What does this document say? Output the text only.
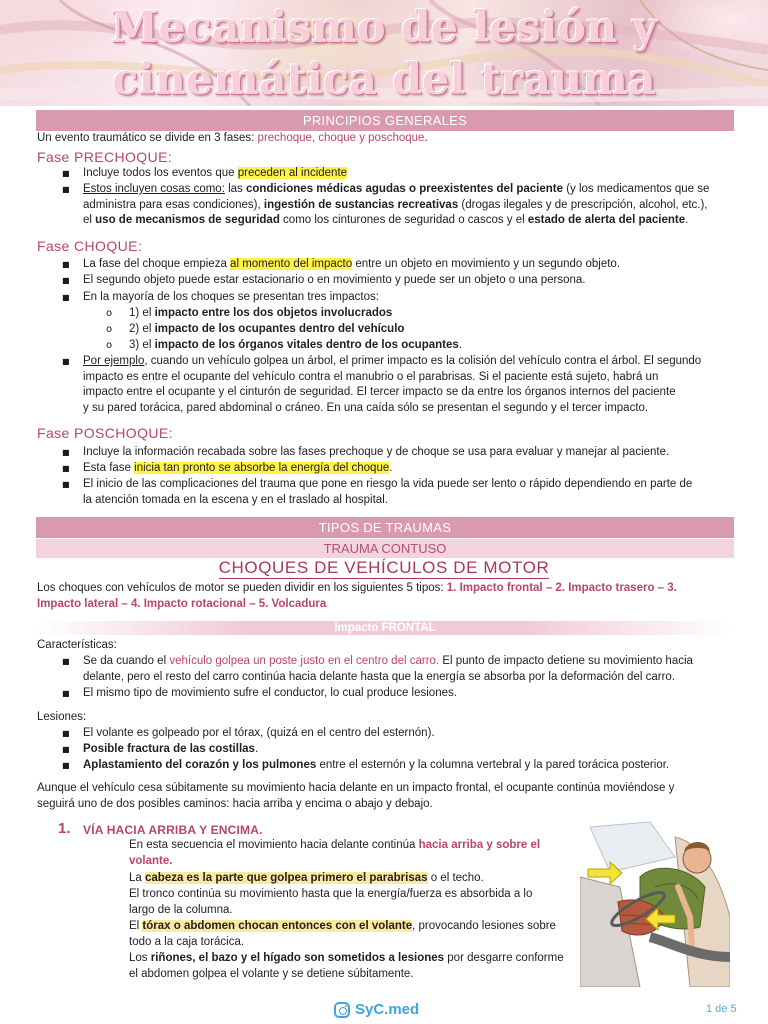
Mecanismo de lesión y cinemática del trauma
PRINCIPIOS GENERALES
Un evento traumático se divide en 3 fases: prechoque, choque y poschoque.
Fase PRECHOQUE:
■ Incluye todos los eventos que preceden al incidente
■ Estos incluyen cosas como: las condiciones médicas agudas o preexistentes del paciente (y los medicamentos que se
administra para esas condiciones), ingestión de sustancias recreativas (drogas ilegales y de prescripción, alcohol, etc.),
el uso de mecanismos de seguridad como los cinturones de seguridad o cascos y el estado de alerta del paciente.
Fase CHOQUE:
■ La fase del choque empieza al momento del impacto entre un objeto en movimiento y un segundo objeto.
■ El segundo objeto puede estar estacionario o en movimiento y puede ser un objeto o una persona.
■ En la mayoría de los choques se presentan tres impactos:
o 1) el impacto entre los dos objetos involucrados
o 2) el impacto de los ocupantes dentro del vehículo
o 3) el impacto de los órganos vitales dentro de los ocupantes.
■ Por ejemplo, cuando un vehículo golpea un árbol, el primer impacto es la colisión del vehículo contra el árbol. El segundo
impacto es entre el ocupante del vehículo contra el manubrio o el parabrisas. Si el paciente está sujeto, habrá un
impacto entre el ocupante y el cinturón de seguridad. El tercer impacto se da entre los órganos internos del paciente
y su pared torácica, pared abdominal o cráneo. En una caída sólo se presentan el segundo y el tercer impacto.
Fase POSCHOQUE:
■ Incluye la información recabada sobre las fases prechoque y de choque se usa para evaluar y manejar al paciente.
■ Esta fase inicia tan pronto se absorbe la energía del choque.
■ El inicio de las complicaciones del trauma que pone en riesgo la vida puede ser lento o rápido dependiendo en parte de
la atención tomada en la escena y en el traslado al hospital.
TIPOS DE TRAUMAS
TRAUMA CONTUSO
CHOQUES DE VEHÍCULOS DE MOTOR
Los choques con vehículos de motor se pueden dividir en los siguientes 5 tipos: 1. Impacto frontal – 2. Impacto trasero – 3.
Impacto lateral – 4. Impacto rotacional – 5. Volcadura
Impacto FRONTAL
Características:
■ Se da cuando el vehículo golpea un poste justo en el centro del carro. El punto de impacto detiene su movimiento hacia
delante, pero el resto del carro continúa hacia delante hasta que la energía se absorba por la deformación del carro.
■ El mismo tipo de movimiento sufre el conductor, lo cual produce lesiones.
Lesiones:
■ El volante es golpeado por el tórax, (quizá en el centro del esternón).
■ Posible fractura de las costillas.
■ Aplastamiento del corazón y los pulmones entre el esternón y la columna vertebral y la pared torácica posterior.
Aunque el vehículo cesa súbitamente su movimiento hacia delante en un impacto frontal, el ocupante continúa moviéndose y
seguirá uno de dos posibles caminos: hacia arriba y encima o abajo y debajo.
1. VÍA HACIA ARRIBA Y ENCIMA.
En esta secuencia el movimiento hacia delante continúa hacia arriba y sobre el
volante.
La cabeza es la parte que golpea primero el parabrisas o el techo.
El tronco continúa su movimiento hasta que la energía/fuerza es absorbida a lo
largo de la columna.
El tórax o abdomen chocan entonces con el volante, provocando lesiones sobre
todo a la caja torácica.
Los riñones, el bazo y el hígado son sometidos a lesiones por desgarre conforme
el abdomen golpea el volante y se detiene súbitamente.
SyC.med	1 de 5
